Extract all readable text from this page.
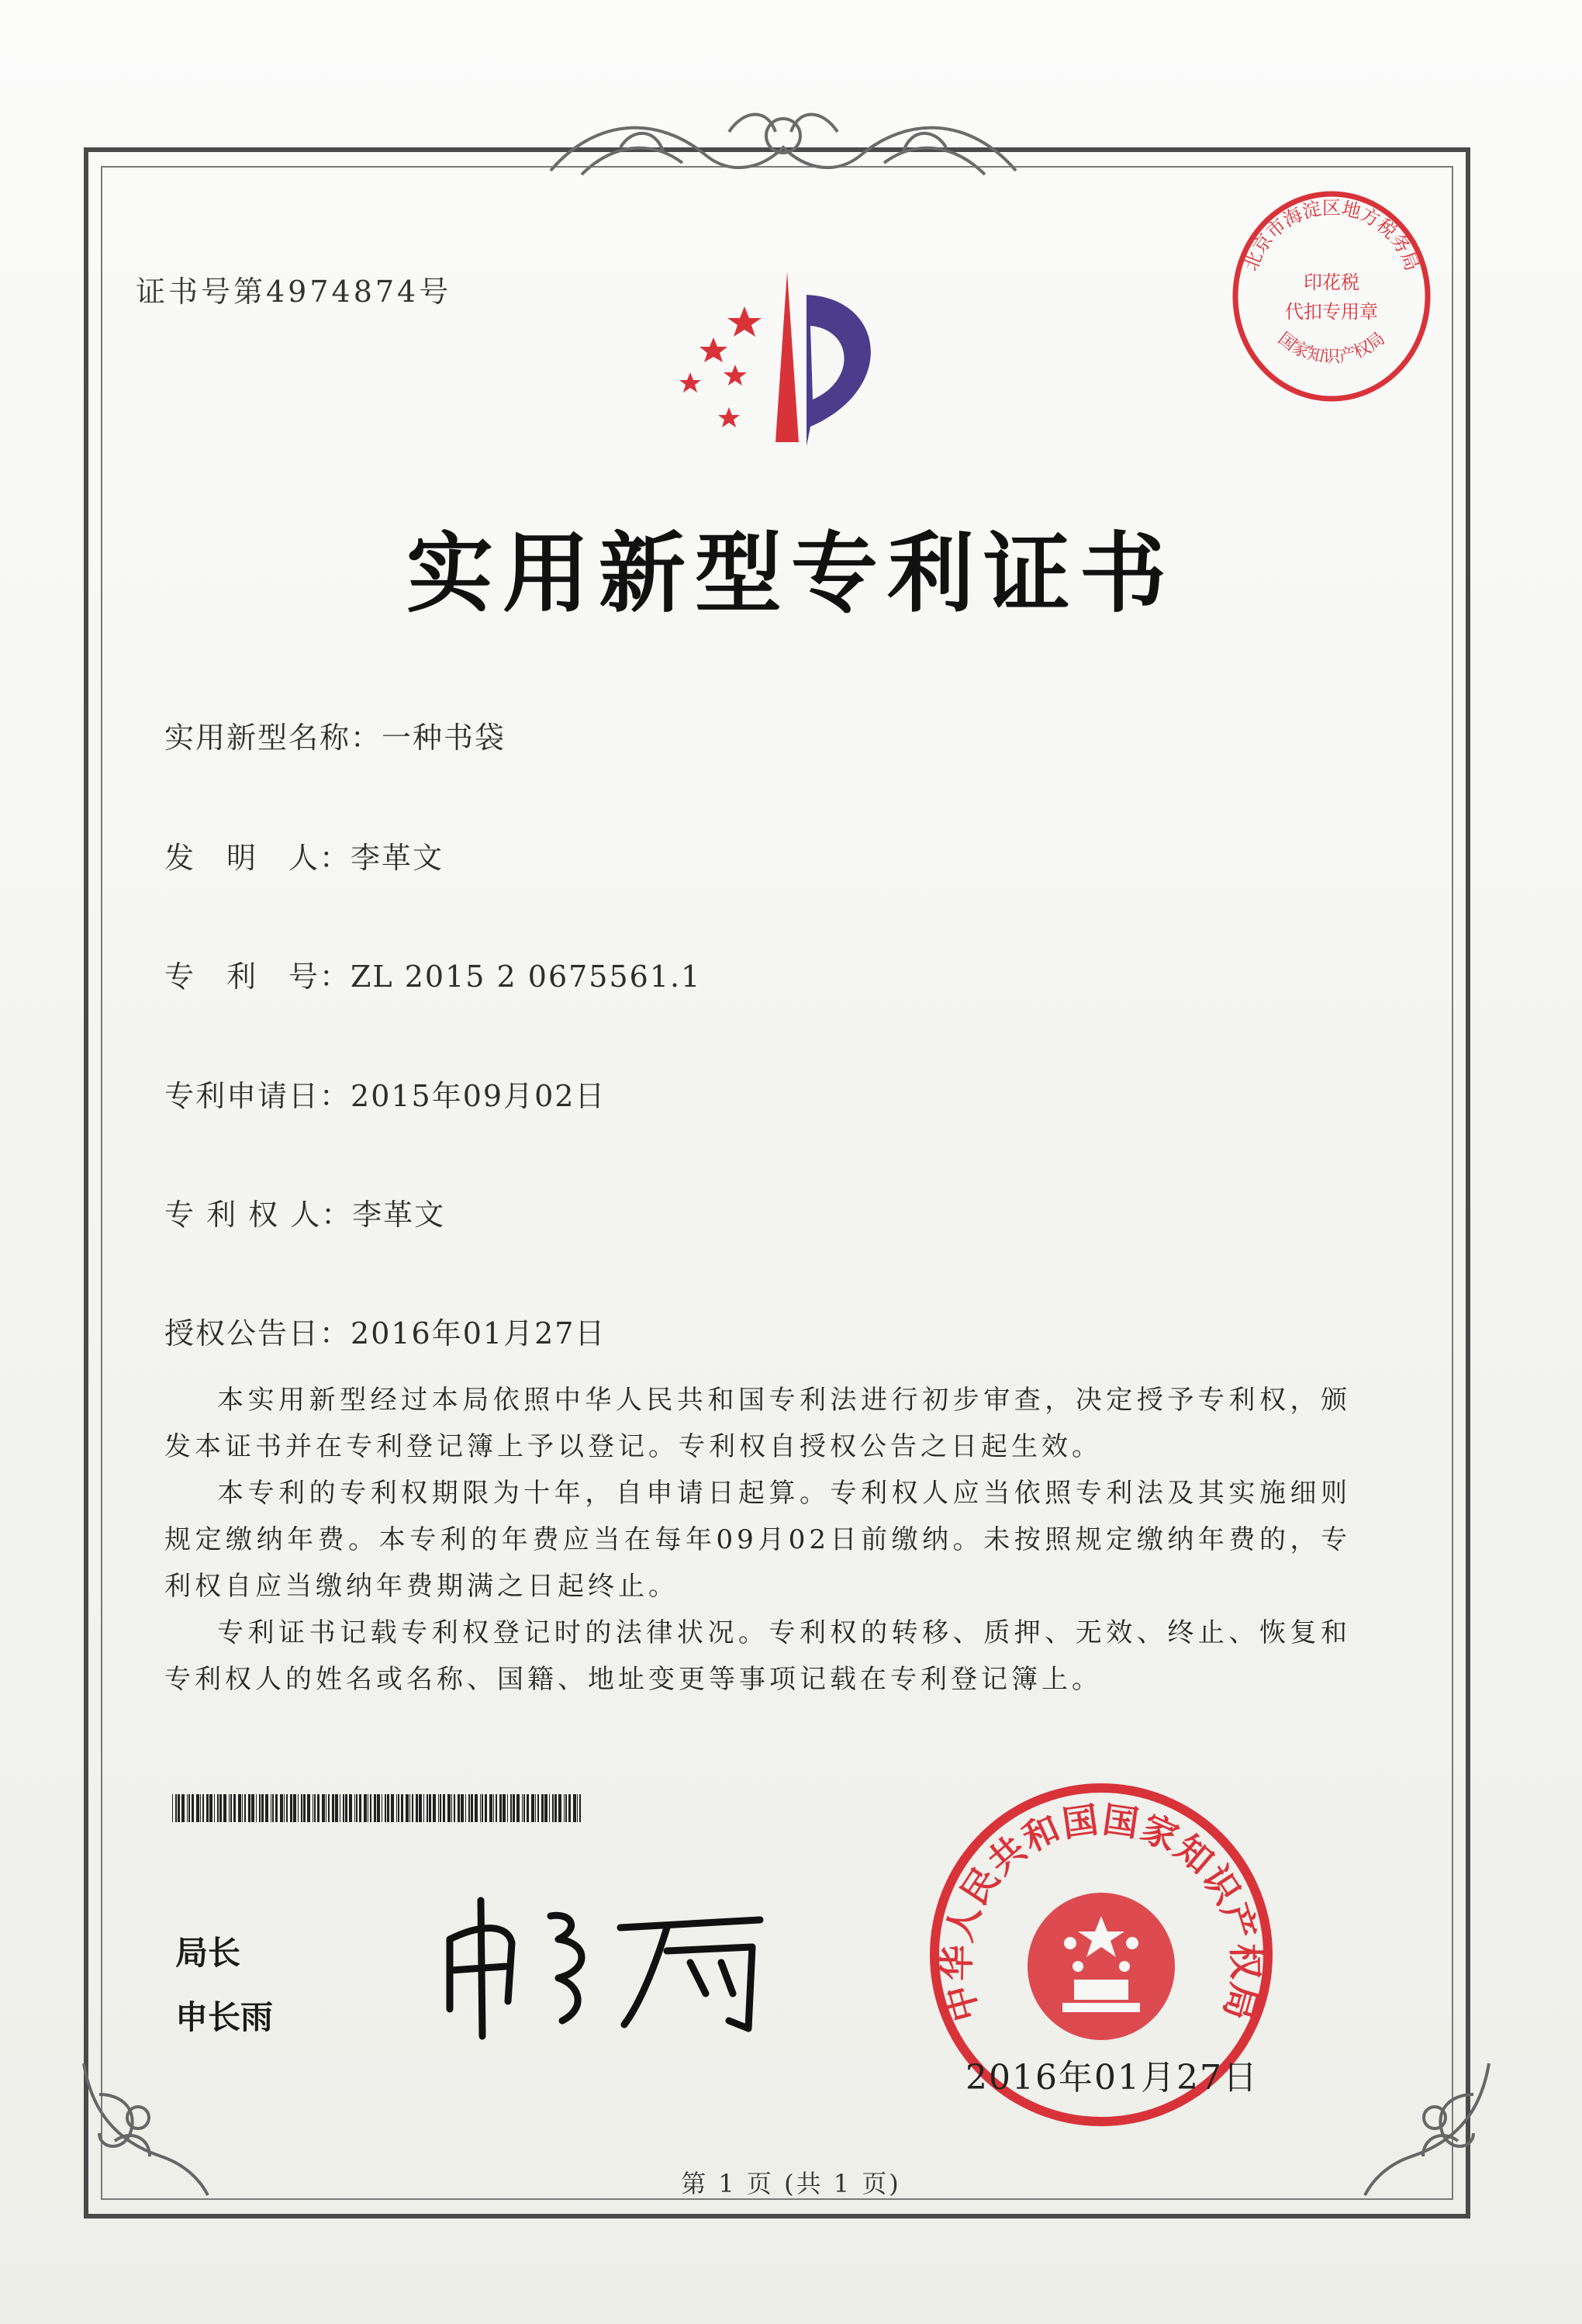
证书号第4974874号
实用新型专利证书
实用新型名称：一种书袋
发　明　人：李革文
专　利　号：ZL 2015 2 0675561.1
专利申请日：2015年09月02日
专 利 权 人：李革文
授权公告日：2016年01月27日

本实用新型经过本局依照中华人民共和国专利法进行初步审查，决定授予专利权，颁发本证书并在专利登记簿上予以登记。专利权自授权公告之日起生效。

本专利的专利权期限为十年，自申请日起算。专利权人应当依照专利法及其实施细则规定缴纳年费。本专利的年费应当在每年09月02日前缴纳。未按照规定缴纳年费的，专利权自应当缴纳年费期满之日起终止。

专利证书记载专利权登记时的法律状况。专利权的转移、质押、无效、终止、恢复和专利权人的姓名或名称、国籍、地址变更等事项记载在专利登记簿上。

局长
申长雨	中华人民共和国国家知识产权局
2016年01月27日
北京市海淀区地方税务局
国家知识产权局
印花税
代扣专用章
第 1 页 (共 1 页)
